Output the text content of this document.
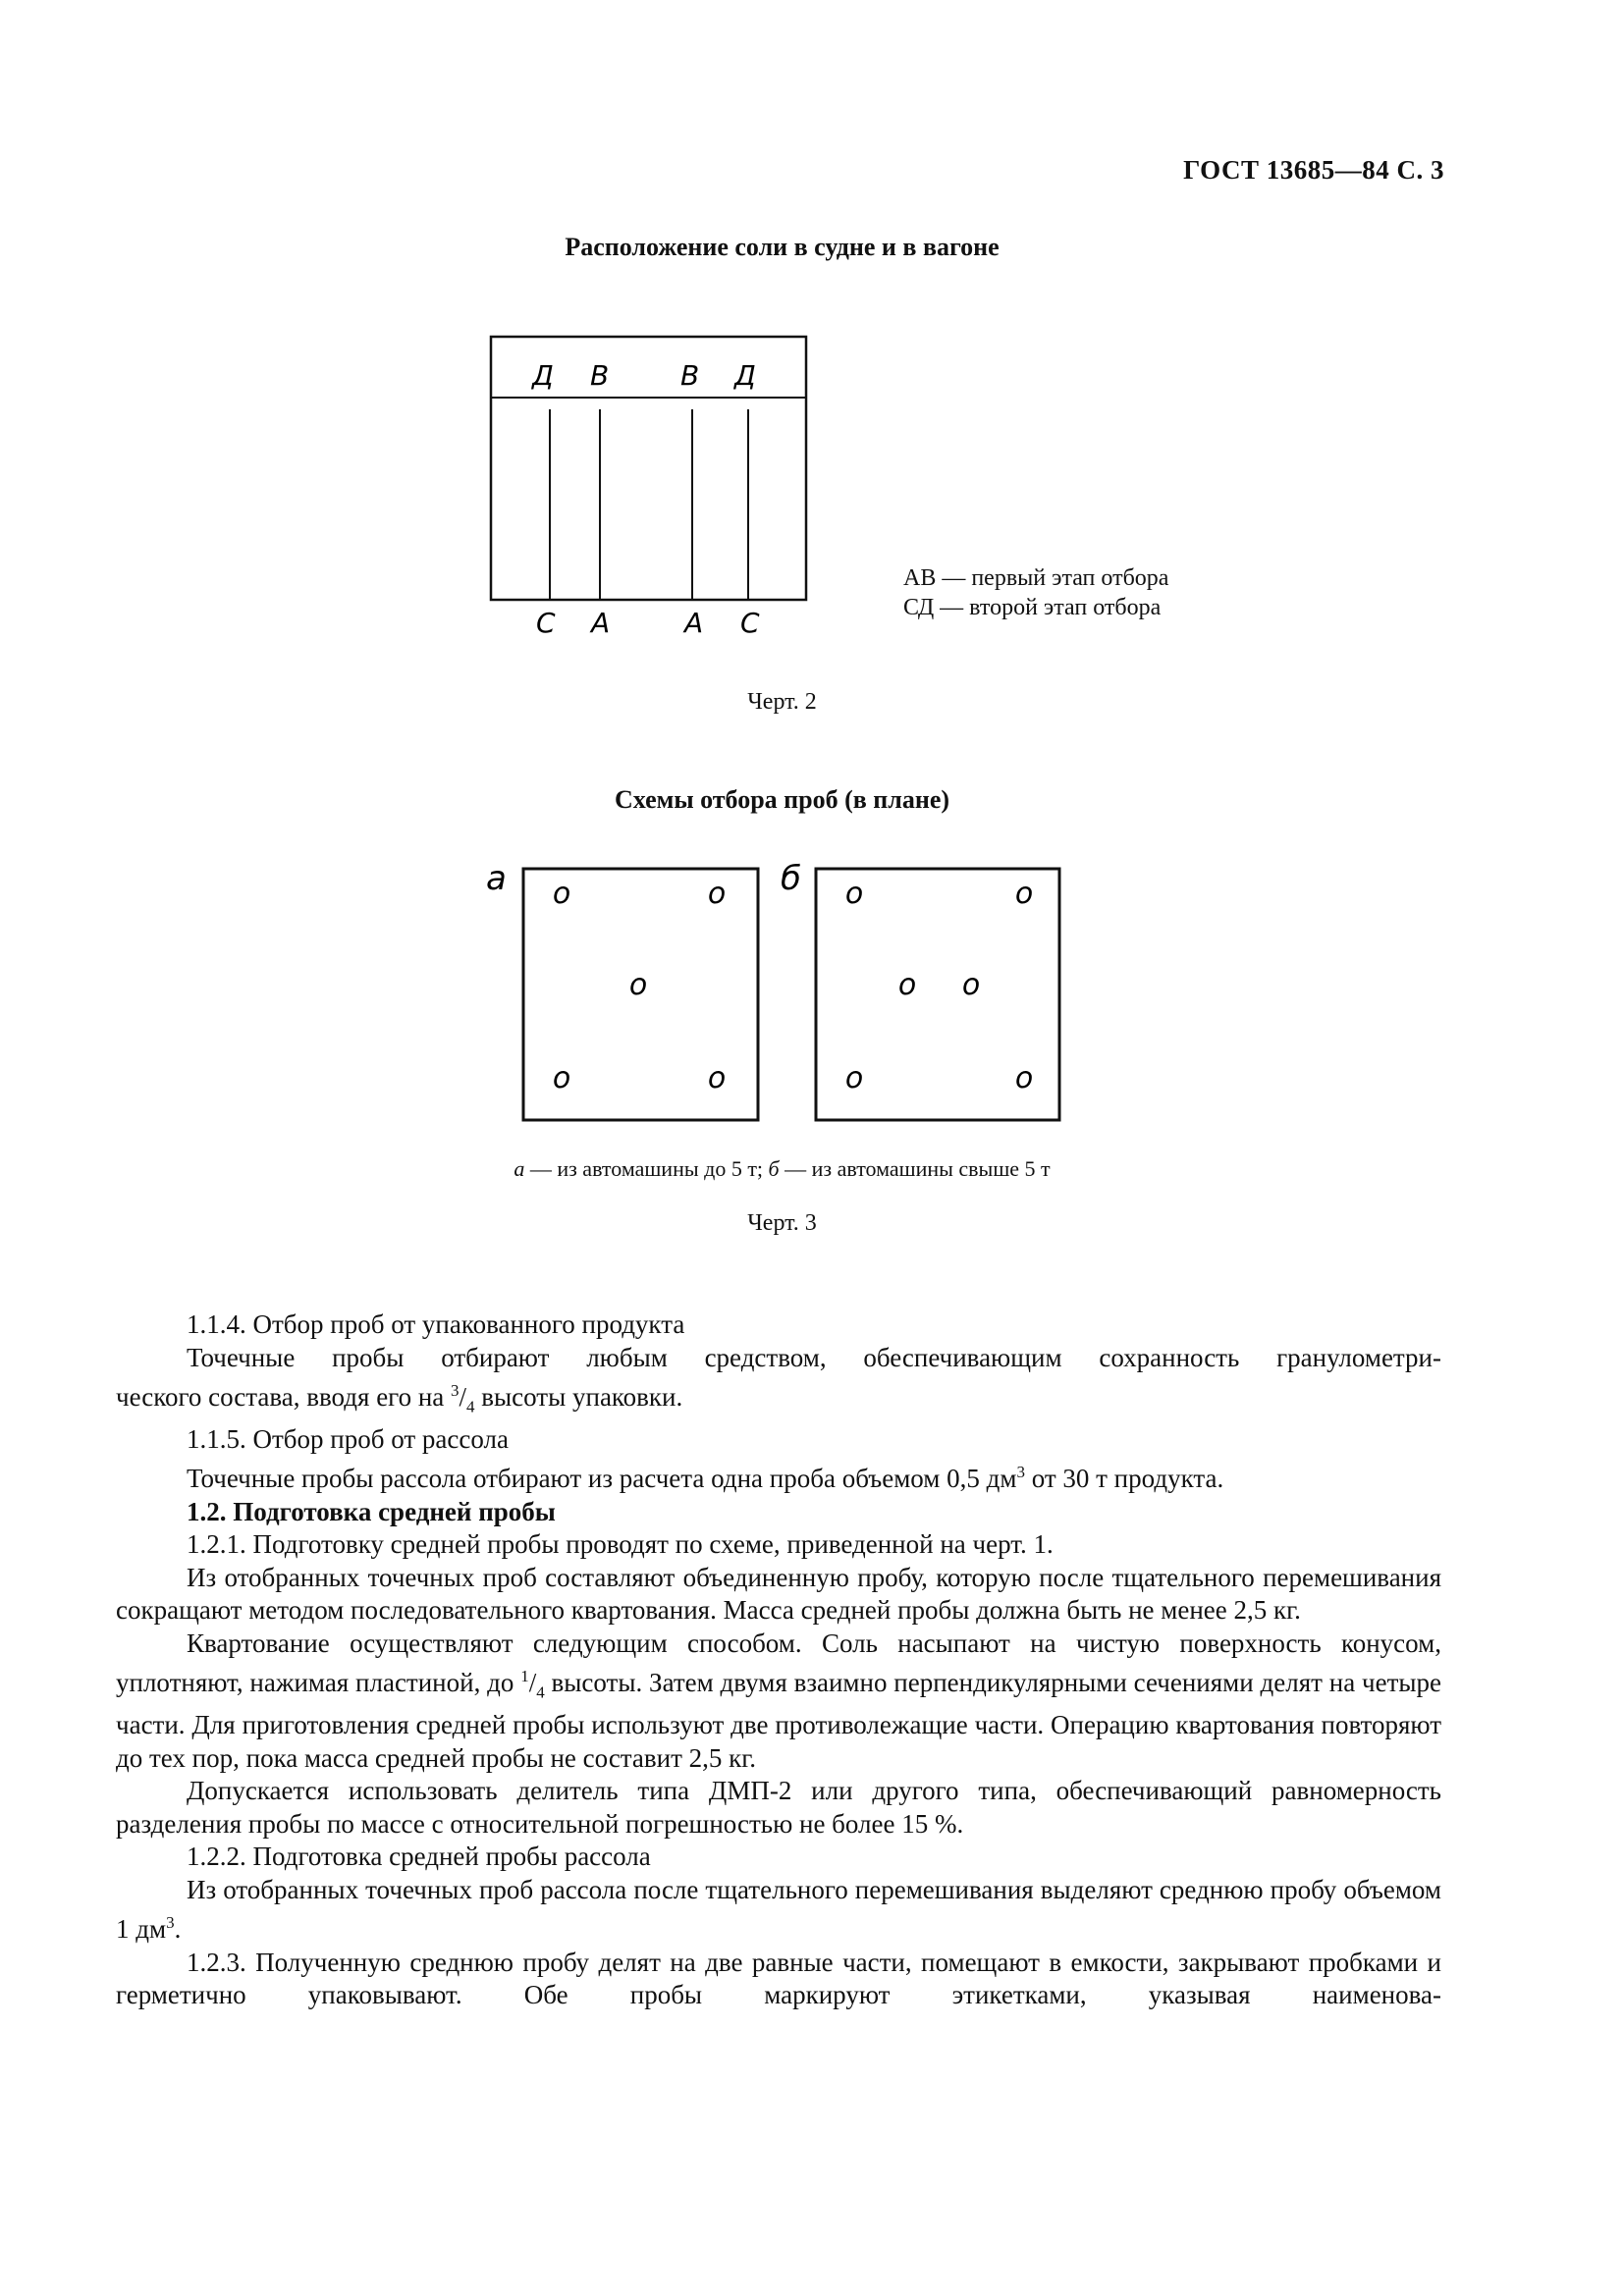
ГОСТ 13685—84 С. 3
Расположение соли в судне и в вагоне
Д В	В Д
С А	А С
АВ — первый этап отбора
СД — второй этап отбора
Черт. 2
Схемы отбора проб (в плане)
а о	о
о
о	о
б о	о
о о
о	о
а — из автомашины до 5 т; б — из автомашины свыше 5 т
Черт. 3

1.1.4. Отбор проб от упакованного продукта

Точечные пробы отбирают любым средством, обеспечивающим сохранность гранулометри-

ческого состава, вводя его на $^3/_4$ высоты упаковки.

1.1.5. Отбор проб от рассола

Точечные пробы рассола отбирают из расчета одна проба объемом 0,5 $дм^3$ от 30 т продукта.

1.2. Подготовка средней пробы

1.2.1. Подготовку средней пробы проводят по схеме, приведенной на черт. 1.

Из отобранных точечных проб составляют объединенную пробу, которую после тщательного перемешивания сокращают методом последовательного квартования. Масса средней пробы должна быть не менее 2,5 кг.

Квартование осуществляют следующим способом. Соль насыпают на чистую поверхность конусом, уплотняют, нажимая пластиной, до $^1/_4$ высоты. Затем двумя взаимно перпендикулярными сечениями делят на четыре части. Для приготовления средней пробы используют две противолежащие части. Операцию квартования повторяют до тех пор, пока масса средней пробы не составит 2,5 кг.

Допускается использовать делитель типа ДМП-2 или другого типа, обеспечивающий равномерность разделения пробы по массе с относительной погрешностью не более 15 %.

1.2.2. Подготовка средней пробы рассола

Из отобранных точечных проб рассола после тщательного перемешивания выделяют среднюю пробу объемом 1 $дм^3$.

1.2.3. Полученную среднюю пробу делят на две равные части, помещают в емкости, закрывают пробками и герметично упаковывают. Обе пробы маркируют этикетками, указывая наименова-
